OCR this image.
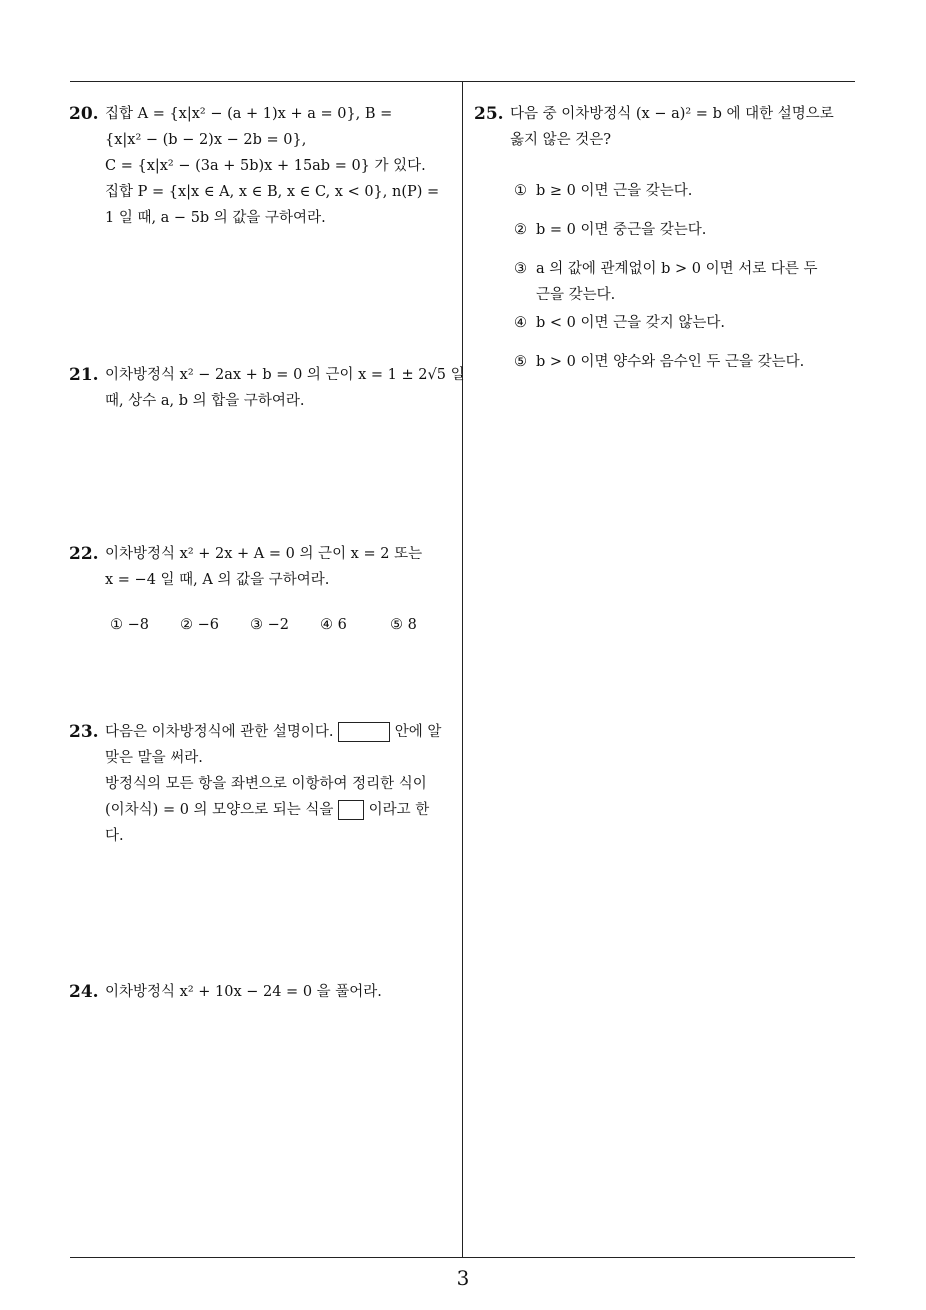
20. 집합 A = {x|x² − (a + 1)x + a = 0}, B =

{x|x² − (b − 2)x − 2b = 0},

C = {x|x² − (3a + 5b)x + 15ab = 0} 가 있다.

집합 P = {x|x ∈ A, x ∈ B, x ∈ C, x < 0}, n(P) =

1 일 때, a − 5b 의 값을 구하여라.

21. 이차방정식 x² − 2ax + b = 0 의 근이 x = 1 ± 2√5 일

때, 상수 a, b 의 합을 구하여라.

22. 이차방정식 x² + 2x + A = 0 의 근이 x = 2 또는

x = −4 일 때, A 의 값을 구하여라.

① −8 ② −6 ③ −2 ④ 6	⑤ 8
23. 다음은 이차방정식에 관한 설명이다.	안에 알

맞은 말을 써라.

방정식의 모든 항을 좌변으로 이항하여 정리한 식이

(이차식) = 0 의 모양으로 되는 식을 이라고 한

다.

24. 이차방정식 x² + 10x − 24 = 0 을 풀어라.

25. 다음 중 이차방정식 (x − a)² = b 에 대한 설명으로

옳지 않은 것은?

① b ≥ 0 이면 근을 갖는다.
② b = 0 이면 중근을 갖는다.
③ a 의 값에 관계없이 b > 0 이면 서로 다른 두
근을 갖는다.
④ b < 0 이면 근을 갖지 않는다.
⑤ b > 0 이면 양수와 음수인 두 근을 갖는다.
3
